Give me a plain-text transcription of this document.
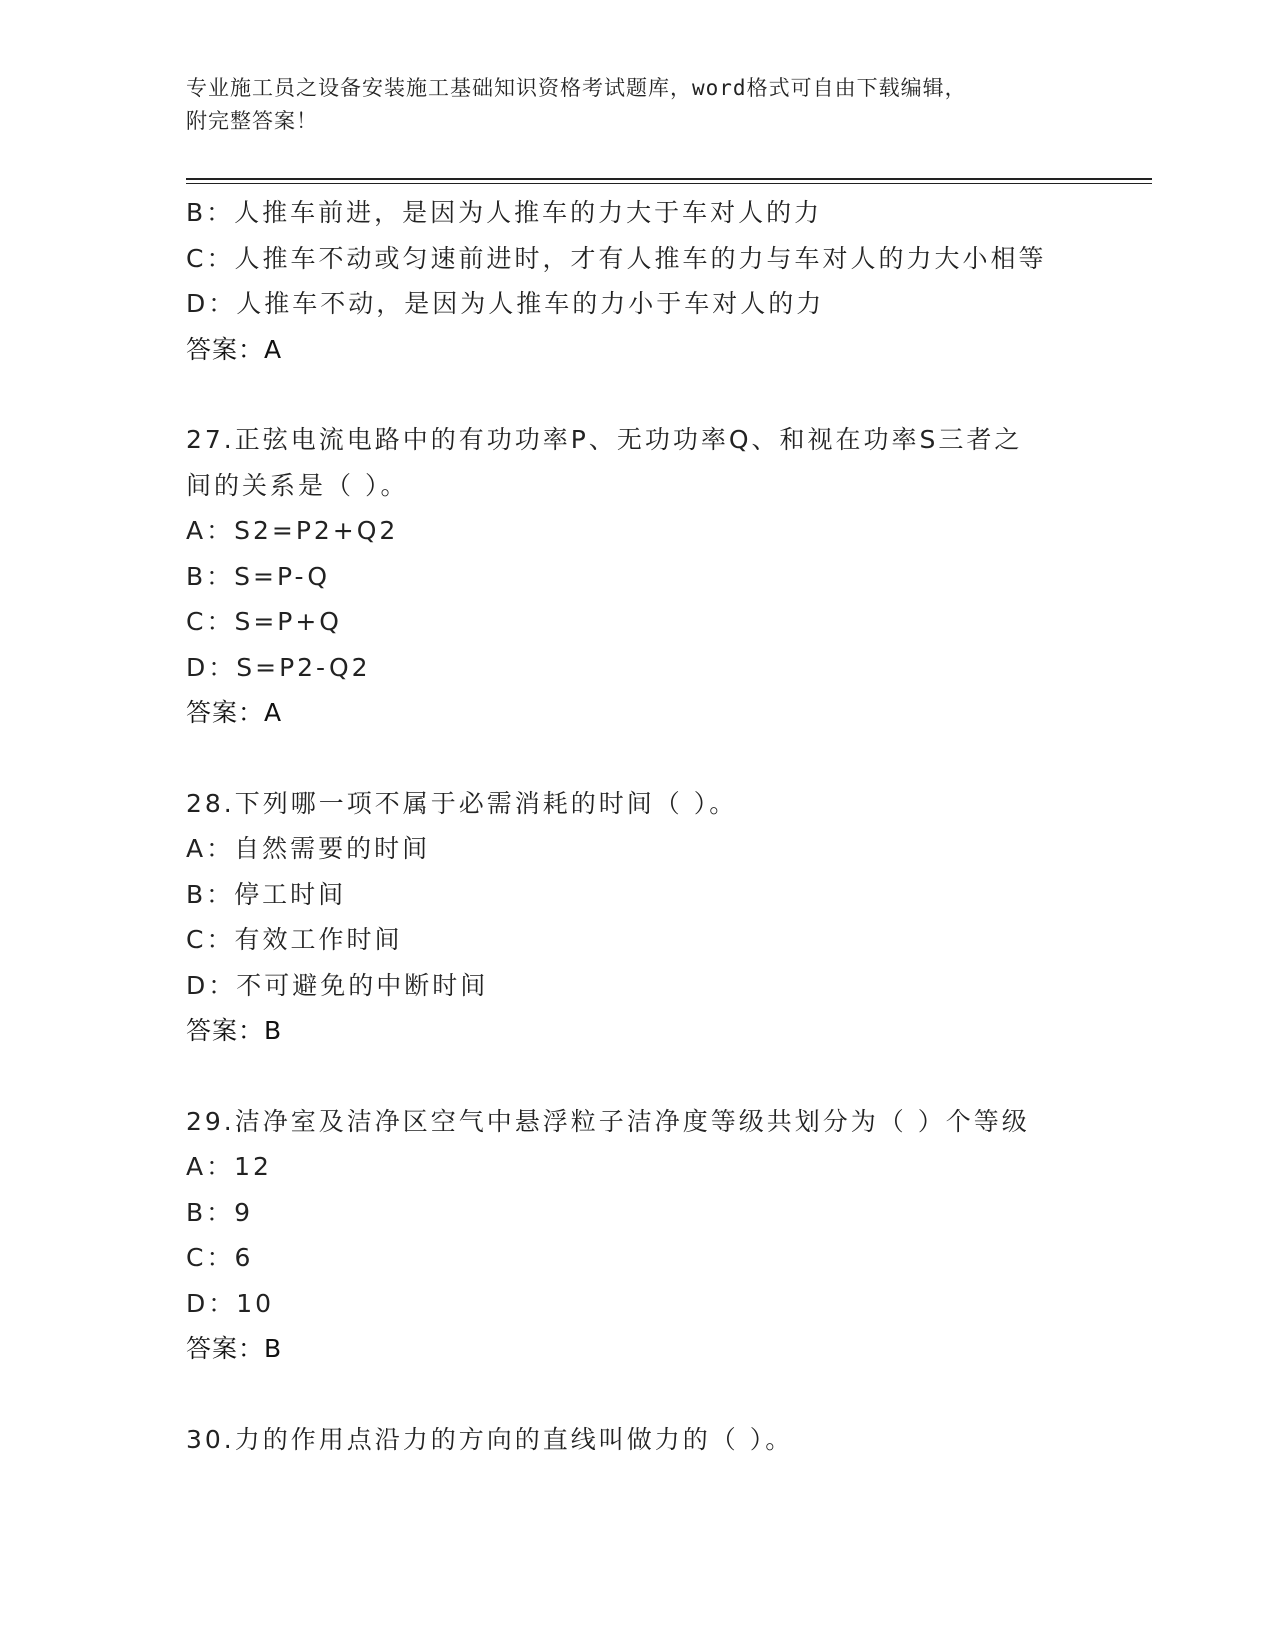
专业施工员之设备安装施工基础知识资格考试题库，word格式可自由下载编辑，
附完整答案！
B：人推车前进，是因为人推车的力大于车对人的力
C：人推车不动或匀速前进时，才有人推车的力与车对人的力大小相等
D：人推车不动，是因为人推车的力小于车对人的力
答案：A
27.正弦电流电路中的有功功率P、无功功率Q、和视在功率S三者之
间的关系是（ ）。
A：S2=P2+Q2
B：S=P-Q
C：S=P+Q
D：S=P2-Q2
答案：A
28.下列哪一项不属于必需消耗的时间（ ）。
A：自然需要的时间
B：停工时间
C：有效工作时间
D：不可避免的中断时间
答案：B
29.洁净室及洁净区空气中悬浮粒子洁净度等级共划分为（ ）个等级
A：12
B：9
C：6
D：10
答案：B
30.力的作用点沿力的方向的直线叫做力的（ ）。
